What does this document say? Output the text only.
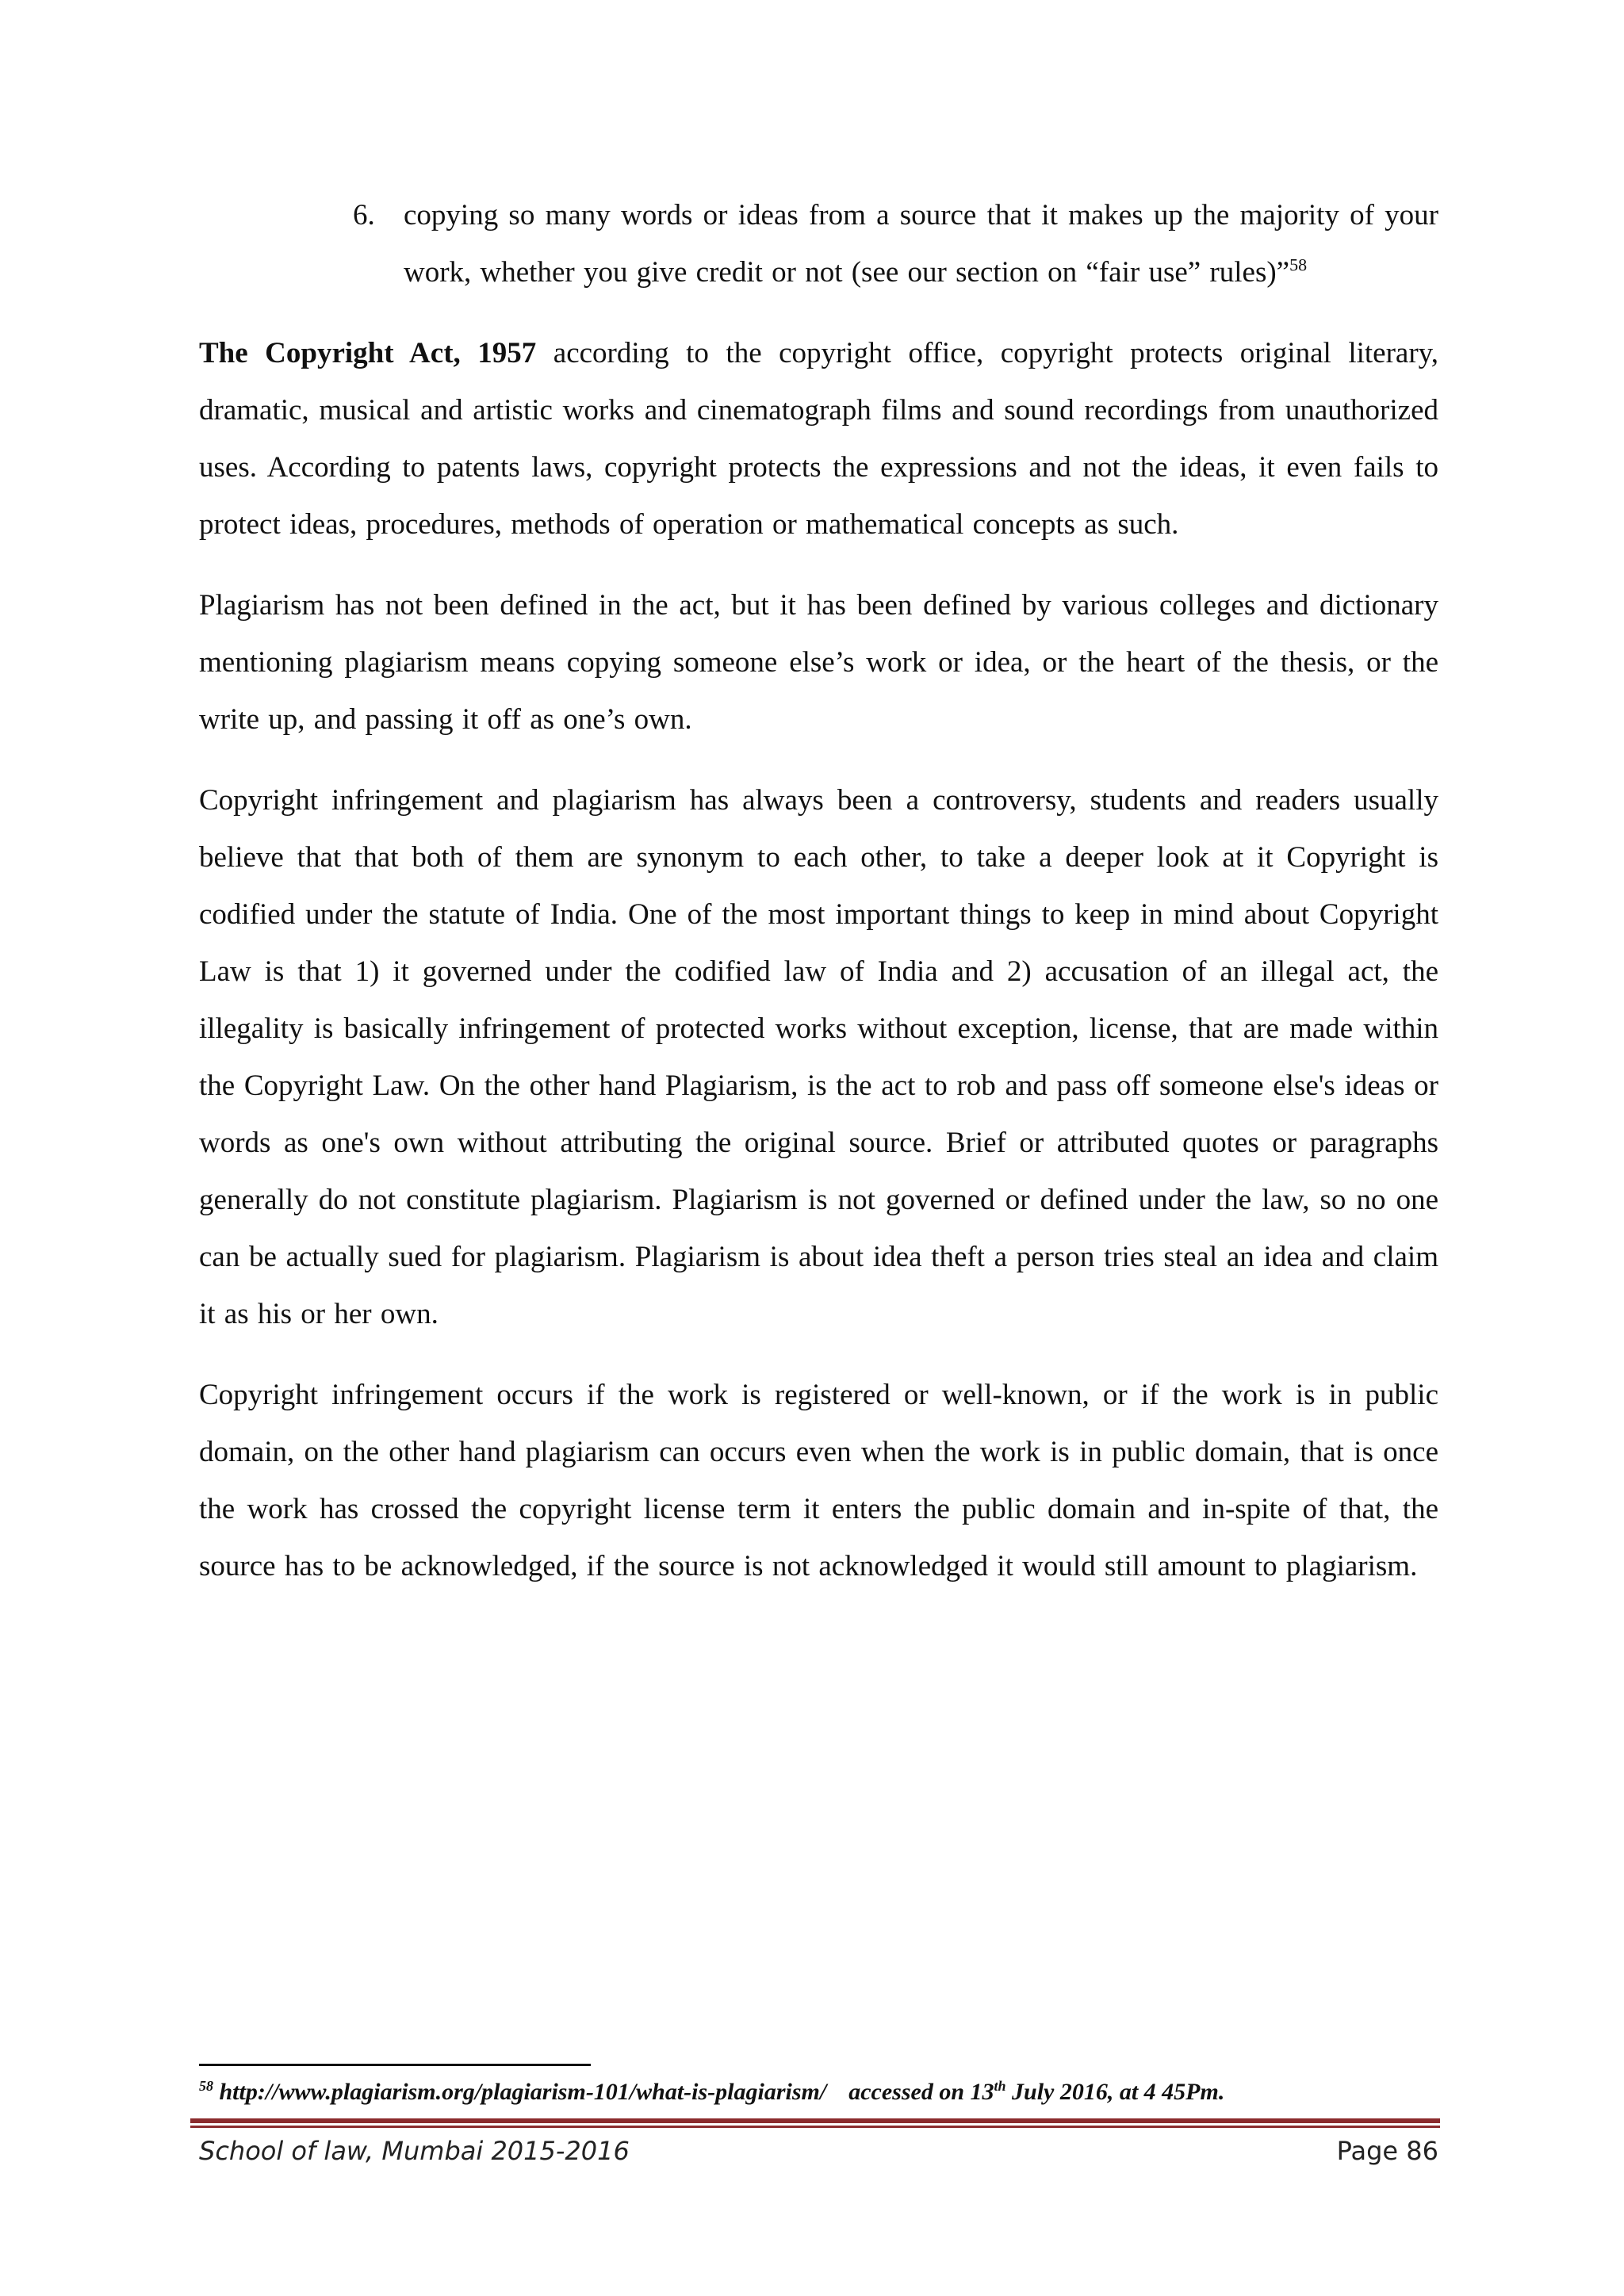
6. copying so many words or ideas from a source that it makes up the majority of your work, whether you give credit or not (see our section on “fair use” rules)”$^{58}$

The Copyright Act, 1957 according to the copyright office, copyright protects original literary, dramatic, musical and artistic works and cinematograph films and sound recordings from unauthorized uses. According to patents laws, copyright protects the expressions and not the ideas, it even fails to protect ideas, procedures, methods of operation or mathematical concepts as such.

Plagiarism has not been defined in the act, but it has been defined by various colleges and dictionary mentioning plagiarism means copying someone else’s work or idea, or the heart of the thesis, or the write up, and passing it off as one’s own.

Copyright infringement and plagiarism has always been a controversy, students and readers usually believe that that both of them are synonym to each other, to take a deeper look at it Copyright is codified under the statute of India. One of the most important things to keep in mind about Copyright Law is that 1) it governed under the codified law of India and 2) accusation of an illegal act, the illegality is basically infringement of protected works without exception, license, that are made within the Copyright Law. On the other hand Plagiarism, is the act to rob and pass off someone else's ideas or words as one's own without attributing the original source. Brief or attributed quotes or paragraphs generally do not constitute plagiarism. Plagiarism is not governed or defined under the law, so no one can be actually sued for plagiarism. Plagiarism is about idea theft a person tries steal an idea and claim it as his or her own.

Copyright infringement occurs if the work is registered or well-known, or if the work is in public domain, on the other hand plagiarism can occurs even when the work is in public domain, that is once the work has crossed the copyright license term it enters the public domain and in-spite of that, the source has to be acknowledged, if the source is not acknowledged it would still amount to plagiarism.

$^{58}$ http://www.plagiarism.org/plagiarism-101/what-is-plagiarism/ accessed on 13th July 2016, at 4 45Pm.
School of law, Mumbai 2015-2016	Page 86
